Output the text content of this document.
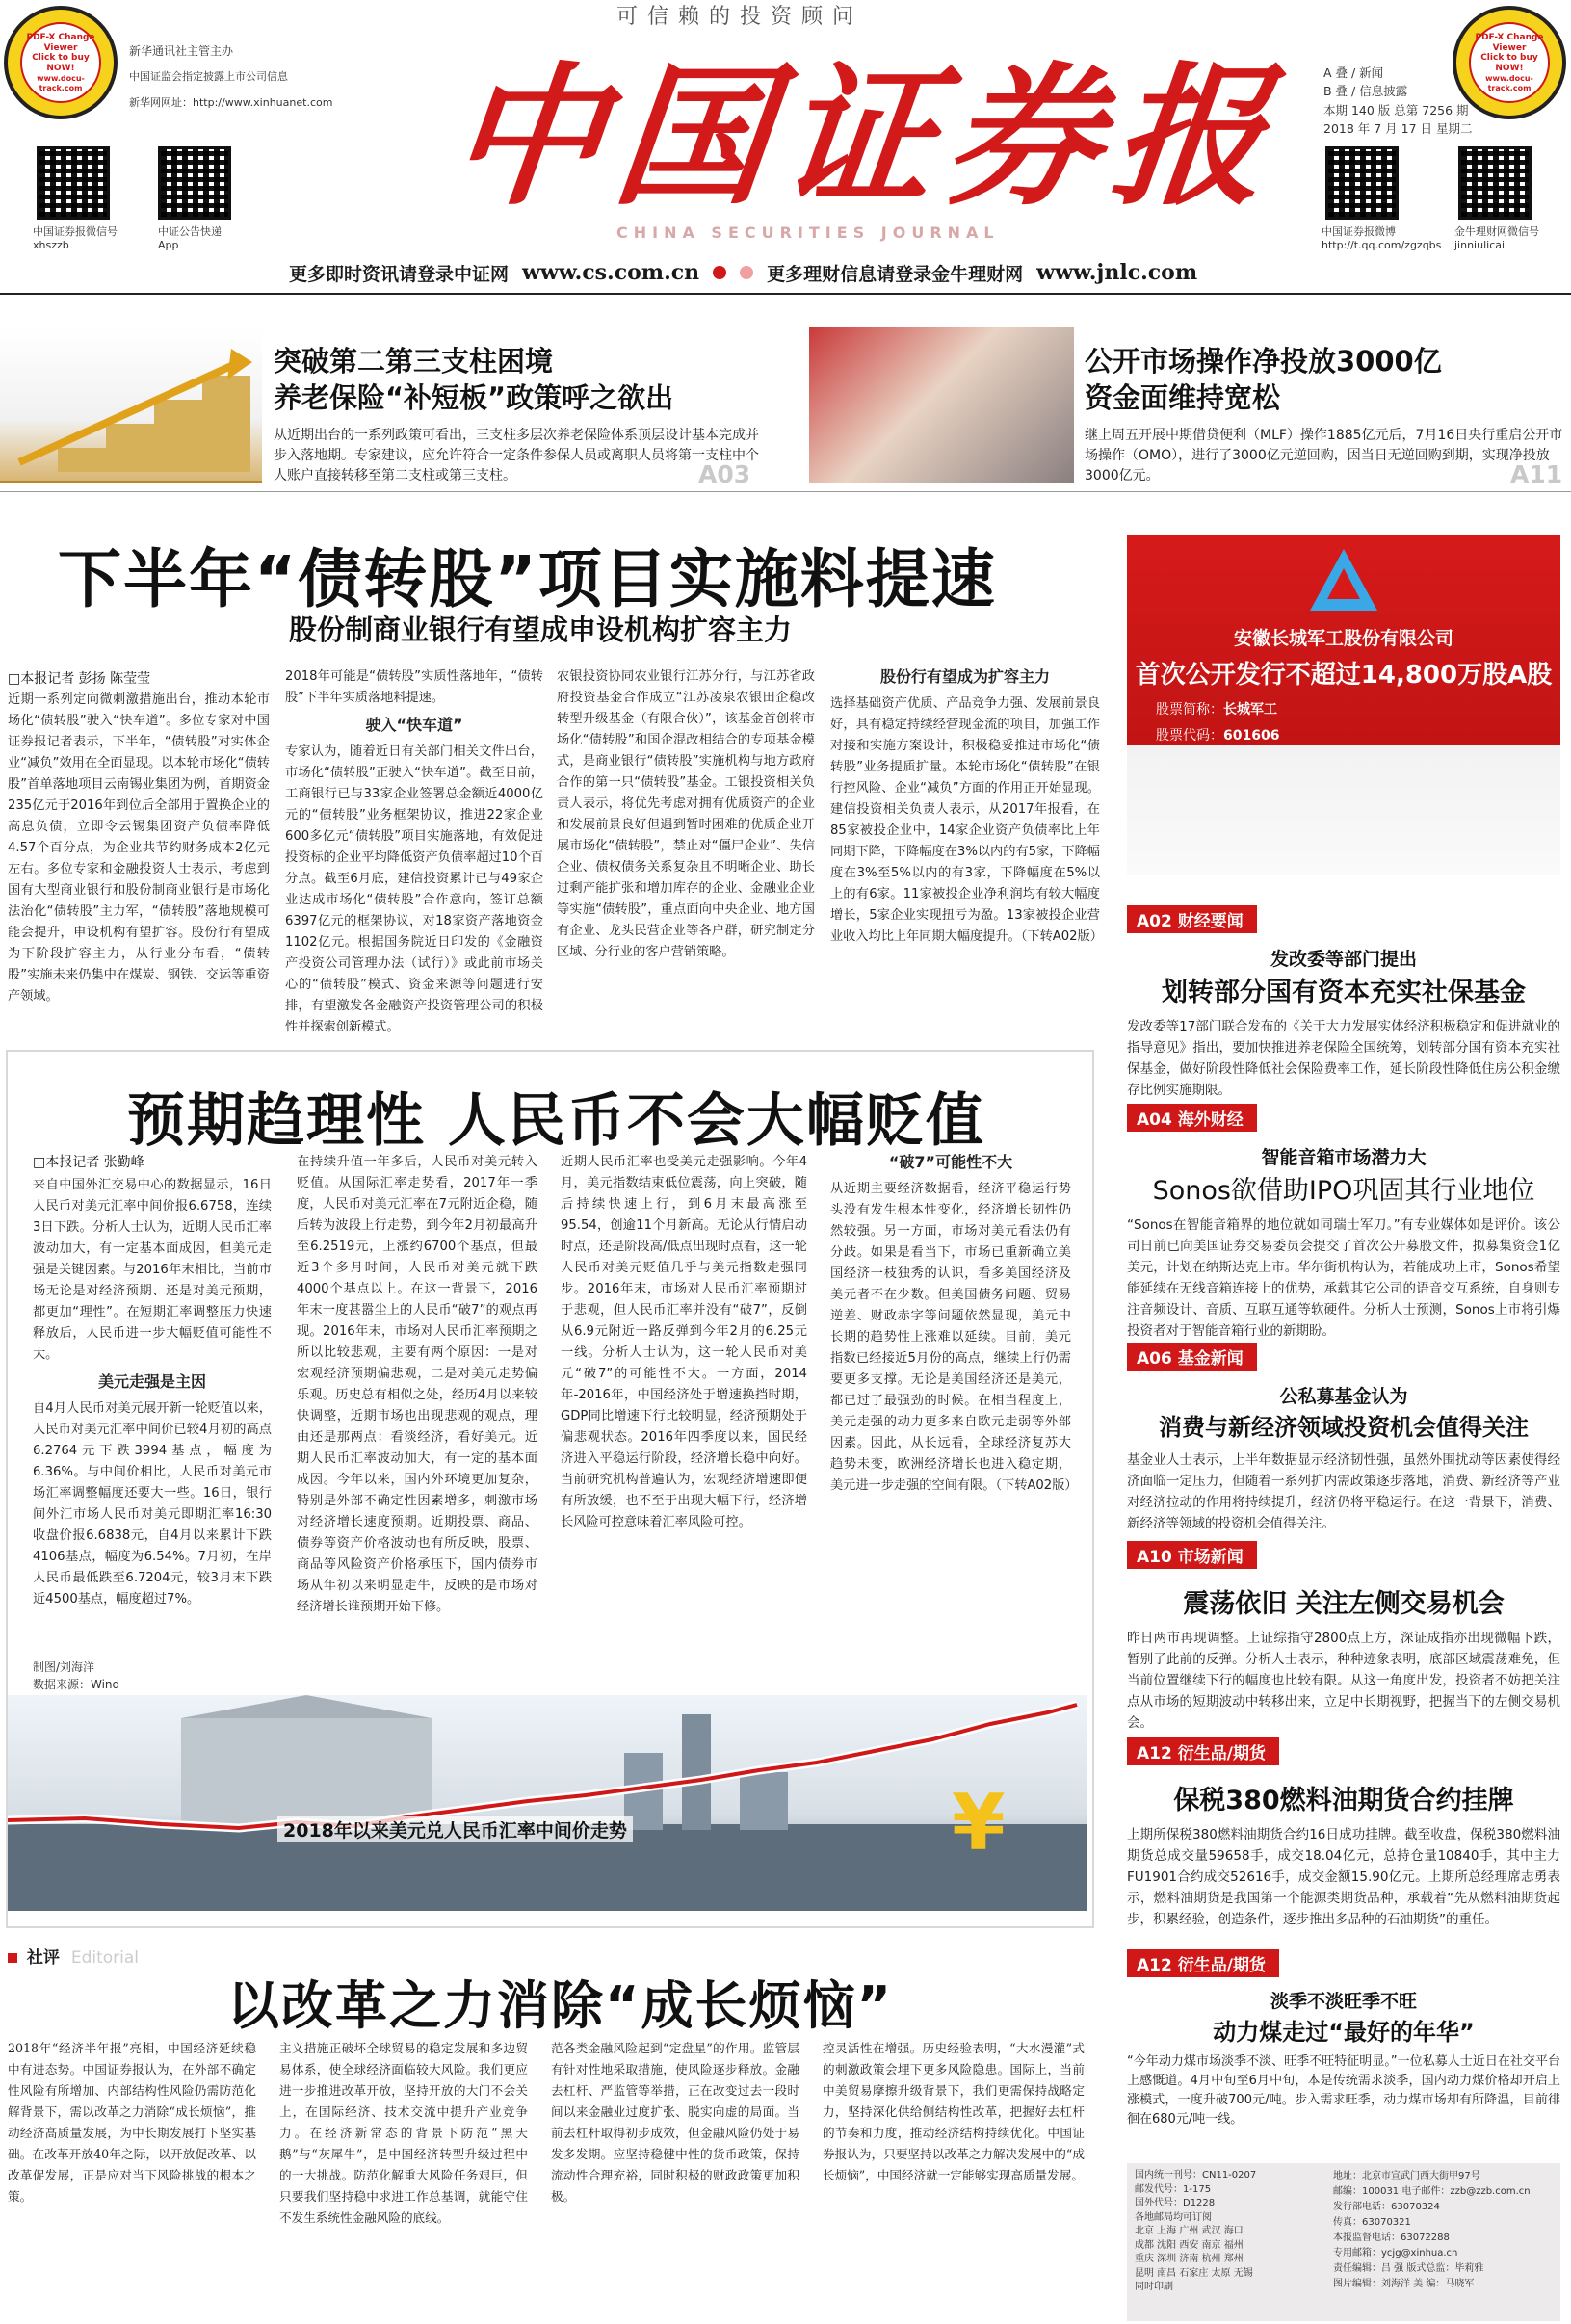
可信赖的投资顾问
PDF-X Change Viewer
Click to buy NOW!
www.docu-track.com
PDF-X Change Viewer
Click to buy NOW!
www.docu-track.com
新华通讯社主管主办
中国证监会指定披露上市公司信息
新华网网址：http://www.xinhuanet.com
中国证券报微信号
xhszzb
中证公告快递
App
中国证券报
CHINA SECURITIES JOURNAL
A 叠 / 新闻
B 叠 / 信息披露
本期 140 版 总第 7256 期
2018 年 7 月 17 日 星期二
中国证券报微博
http://t.qq.com/zgzqbs
金牛理财网微信号
jinniulicai
更多即时资讯请登录中证网 www.cs.com.cn	更多理财信息请登录金牛理财网 www.jnlc.com
突破第二第三支柱困境
养老保险“补短板”政策呼之欲出
从近期出台的一系列政策可看出，三支柱多层次养老保险体系顶层设计基本完成并步入落地期。专家建议，应允许符合一定条件参保人员或离职人员将第一支柱中个人账户直接转移至第二支柱或第三支柱。	A03
公开市场操作净投放3000亿
资金面维持宽松
继上周五开展中期借贷便利（MLF）操作1885亿元后，7月16日央行重启公开市场操作（OMO），进行了3000亿元逆回购，因当日无逆回购到期，实现净投放3000亿元。	A11
下半年“债转股”项目实施料提速
股份制商业银行有望成申设机构扩容主力
□本报记者 彭扬 陈莹莹
近期一系列定向微刺激措施出台，推动本轮市场化“债转股”驶入“快车道”。多位专家对中国证券报记者表示，下半年，“债转股”对实体企业“减负”效用在全面显现。以本轮市场化“债转股”首单落地项目云南锡业集团为例，首期资金235亿元于2016年到位后全部用于置换企业的高息负债，立即令云锡集团资产负债率降低4.57个百分点，为企业共节约财务成本2亿元左右。多位专家和金融投资人士表示，考虑到国有大型商业银行和股份制商业银行是市场化法治化“债转股”主力军，“债转股”落地规模可能会提升，申设机构有望扩容。股份行有望成为下阶段扩容主力，从行业分布看，“债转股”实施未来仍集中在煤炭、钢铁、交运等重资产领域。
2018年可能是“债转股”实质性落地年，“债转股”下半年实质落地料提速。
驶入“快车道”
专家认为，随着近日有关部门相关文件出台，市场化“债转股”正驶入“快车道”。截至目前，工商银行已与33家企业签署总金额近4000亿元的“债转股”业务框架协议，推进22家企业600多亿元“债转股”项目实施落地，有效促进投资标的企业平均降低资产负债率超过10个百分点。截至6月底，建信投资累计已与49家企业达成市场化“债转股”合作意向，签订总额6397亿元的框架协议，对18家资产落地资金1102亿元。根据国务院近日印发的《金融资产投资公司管理办法（试行）》或此前市场关心的“债转股”模式、资金来源等问题进行安排，有望激发各金融资产投资管理公司的积极性并探索创新模式。
农银投资协同农业银行江苏分行，与江苏省政府投资基金合作成立“江苏凌泉农银田企稳改转型升级基金（有限合伙）”，该基金首创将市场化“债转股”和国企混改相结合的专项基金模式，是商业银行“债转股”实施机构与地方政府合作的第一只“债转股”基金。工银投资相关负责人表示，将优先考虑对拥有优质资产的企业和发展前景良好但遇到暂时困难的优质企业开展市场化“债转股”，禁止对“僵尸企业”、失信企业、债权债务关系复杂且不明晰企业、助长过剩产能扩张和增加库存的企业、金融业企业等实施“债转股”，重点面向中央企业、地方国有企业、龙头民营企业等各户群，研究制定分区域、分行业的客户营销策略。
股份行有望成为扩容主力
选择基础资产优质、产品竞争力强、发展前景良好，具有稳定持续经营现金流的项目，加强工作对接和实施方案设计，积极稳妥推进市场化“债转股”业务提质扩量。本轮市场化“债转股”在银行控风险、企业“减负”方面的作用正开始显现。建信投资相关负责人表示，从2017年报看，在85家被投企业中，14家企业资产负债率比上年同期下降，下降幅度在3%以内的有5家，下降幅度在3%至5%以内的有3家，下降幅度在5%以上的有6家。11家被投企业净利润均有较大幅度增长，5家企业实现扭亏为盈。13家被投企业营业收入均比上年同期大幅度提升。（下转A02版）
预期趋理性 人民币不会大幅贬值
□本报记者 张勤峰
来自中国外汇交易中心的数据显示，16日人民币对美元汇率中间价报6.6758，连续3日下跌。分析人士认为，近期人民币汇率波动加大，有一定基本面成因，但美元走强是关键因素。与2016年末相比，当前市场无论是对经济预期、还是对美元预期，都更加“理性”。在短期汇率调整压力快速释放后，人民币进一步大幅贬值可能性不大。
美元走强是主因
自4月人民币对美元展开新一轮贬值以来，人民币对美元汇率中间价已较4月初的高点6.2764元下跌3994基点，幅度为6.36%。与中间价相比，人民币对美元市场汇率调整幅度还要大一些。16日，银行间外汇市场人民币对美元即期汇率16:30收盘价报6.6838元，自4月以来累计下跌4106基点，幅度为6.54%。7月初，在岸人民币最低跌至6.7204元，较3月末下跌近4500基点，幅度超过7%。
在持续升值一年多后，人民币对美元转入贬值。从国际汇率走势看，2017年一季度，人民币对美元汇率在7元附近企稳，随后转为波段上行走势，到今年2月初最高升至6.2519元，上涨约6700个基点，但最近3个多月时间，人民币对美元就下跌4000个基点以上。在这一背景下，2016年末一度甚嚣尘上的人民币“破7”的观点再现。2016年末，市场对人民币汇率预期之所以比较悲观，主要有两个原因：一是对宏观经济预期偏悲观，二是对美元走势偏乐观。历史总有相似之处，经历4月以来较快调整，近期市场也出现悲观的观点，理由还是那两点：看淡经济，看好美元。近期人民币汇率波动加大，有一定的基本面成因。今年以来，国内外环境更加复杂，特别是外部不确定性因素增多，刺激市场对经济增长速度预期。近期投票、商品、债券等资产价格波动也有所反映，股票、商品等风险资产价格承压下，国内债券市场从年初以来明显走牛，反映的是市场对经济增长谁预期开始下修。
近期人民币汇率也受美元走强影响。今年4月，美元指数结束低位震荡，向上突破，随后持续快速上行，到6月末最高涨至95.54，创逾11个月新高。无论从行情启动时点，还是阶段高/低点出现时点看，这一轮人民币对美元贬值几乎与美元指数走强同步。2016年末，市场对人民币汇率预期过于悲观，但人民币汇率并没有“破7”，反倒从6.9元附近一路反弹到今年2月的6.25元一线。分析人士认为，这一轮人民币对美元“破7”的可能性不大。一方面，2014年-2016年，中国经济处于增速换挡时期，GDP同比增速下行比较明显，经济预期处于偏悲观状态。2016年四季度以来，国民经济进入平稳运行阶段，经济增长稳中向好。当前研究机构普遍认为，宏观经济增速即便有所放缓，也不至于出现大幅下行，经济增长风险可控意味着汇率风险可控。
“破7”可能性不大
从近期主要经济数据看，经济平稳运行势头没有发生根本性变化，经济增长韧性仍然较强。另一方面，市场对美元看法仍有分歧。如果是看当下，市场已重新确立美国经济一枝独秀的认识，看多美国经济及美元者不在少数。但美国债务问题、贸易逆差、财政赤字等问题依然显现，美元中长期的趋势性上涨难以延续。目前，美元指数已经接近5月份的高点，继续上行仍需要更多支撑。无论是美国经济还是美元，都已过了最强劲的时候。在相当程度上，美元走强的动力更多来自欧元走弱等外部因素。因此，从长远看，全球经济复苏大趋势未变，欧洲经济增长也进入稳定期，美元进一步走强的空间有限。（下转A02版）
制图/刘海洋
数据来源：Wind
¥
2018年以来美元兑人民币汇率中间价走势
社评 Editorial
以改革之力消除“成长烦恼”
2018年“经济半年报”亮相，中国经济延续稳中有进态势。中国证券报认为，在外部不确定性风险有所增加、内部结构性风险仍需防范化解背景下，需以改革之力消除“成长烦恼”，推动经济高质量发展，为中长期发展打下坚实基础。在改革开放40年之际，以开放促改革、以改革促发展，正是应对当下风险挑战的根本之策。
主义措施正破坏全球贸易的稳定发展和多边贸易体系，使全球经济面临较大风险。我们更应进一步推进改革开放，坚持开放的大门不会关上，在国际经济、技术交流中提升产业竞争力。在经济新常态的背景下防范“黑天鹅”与“灰犀牛”，是中国经济转型升级过程中的一大挑战。防范化解重大风险任务艰巨，但只要我们坚持稳中求进工作总基调，就能守住不发生系统性金融风险的底线。
范各类金融风险起到“定盘星”的作用。监管层有针对性地采取措施，使风险逐步释放。金融去杠杆、严监管等举措，正在改变过去一段时间以来金融业过度扩张、脱实向虚的局面。当前去杠杆取得初步成效，但金融风险仍处于易发多发期。应坚持稳健中性的货币政策，保持流动性合理充裕，同时积极的财政政策更加积极。
控灵活性在增强。历史经验表明，“大水漫灌”式的刺激政策会埋下更多风险隐患。国际上，当前中美贸易摩擦升级背景下，我们更需保持战略定力，坚持深化供给侧结构性改革，把握好去杠杆的节奏和力度，推动经济结构持续优化。中国证券报认为，只要坚持以改革之力解决发展中的“成长烦恼”，中国经济就一定能够实现高质量发展。
安徽长城军工股份有限公司
首次公开发行不超过14,800万股A股
股票简称：长城军工
股票代码：601606
A02 财经要闻
发改委等部门提出
划转部分国有资本充实社保基金
发改委等17部门联合发布的《关于大力发展实体经济积极稳定和促进就业的指导意见》指出，要加快推进养老保险全国统筹，划转部分国有资本充实社保基金，做好阶段性降低社会保险费率工作，延长阶段性降低住房公积金缴存比例实施期限。
A04 海外财经
智能音箱市场潜力大
Sonos欲借助IPO巩固其行业地位
“Sonos在智能音箱界的地位就如同瑞士军刀。”有专业媒体如是评价。该公司日前已向美国证券交易委员会提交了首次公开募股文件，拟募集资金1亿美元，计划在纳斯达克上市。华尔街机构认为，若能成功上市，Sonos希望能延续在无线音箱连接上的优势，承载其它公司的语音交互系统，自身则专注音频设计、音质、互联互通等软硬件。分析人士预测，Sonos上市将引爆投资者对于智能音箱行业的新期盼。
A06 基金新闻
公私募基金认为
消费与新经济领域投资机会值得关注
基金业人士表示，上半年数据显示经济韧性强，虽然外围扰动等因素使得经济面临一定压力，但随着一系列扩内需政策逐步落地，消费、新经济等产业对经济拉动的作用将持续提升，经济仍将平稳运行。在这一背景下，消费、新经济等领域的投资机会值得关注。
A10 市场新闻
震荡依旧 关注左侧交易机会
昨日两市再现调整。上证综指守2800点上方，深证成指亦出现微幅下跌，暂别了此前的反弹。分析人士表示，种种迹象表明，底部区域震荡难免，但当前位置继续下行的幅度也比较有限。从这一角度出发，投资者不妨把关注点从市场的短期波动中转移出来，立足中长期视野，把握当下的左侧交易机会。
A12 衍生品/期货
保税380燃料油期货合约挂牌
上期所保税380燃料油期货合约16日成功挂牌。截至收盘，保税380燃料油期货总成交量59658手，成交18.04亿元，总持仓量10840手，其中主力FU1901合约成交52616手，成交金额15.90亿元。上期所总经理席志勇表示，燃料油期货是我国第一个能源类期货品种，承载着“先从燃料油期货起步，积累经验，创造条件，逐步推出多品种的石油期货”的重任。
A12 衍生品/期货
淡季不淡旺季不旺
动力煤走过“最好的年华”
“今年动力煤市场淡季不淡、旺季不旺特征明显。”一位私募人士近日在社交平台上感慨道。4月中旬至6月中旬，本是传统需求淡季，国内动力煤价格却开启上涨模式，一度升破700元/吨。步入需求旺季，动力煤市场却有所降温，目前徘徊在680元/吨一线。
国内统一刊号：CN11-0207
邮发代号：1-175
国外代号：D1228
各地邮局均可订阅
北京 上海 广州 武汉 海口
成都 沈阳 西安 南京 福州
重庆 深圳 济南 杭州 郑州
昆明 南昌 石家庄 太原 无锡
同时印刷
地址：北京市宣武门西大街甲97号
邮编：100031 电子邮件：zzb@zzb.com.cn
发行部电话：63070324
传真：63070321
本报监督电话：63072288
专用邮箱：ycjg@xinhua.cn
责任编辑：吕 强 版式总监：毕莉雅
图片编辑：刘海洋 美 编：马晓军
